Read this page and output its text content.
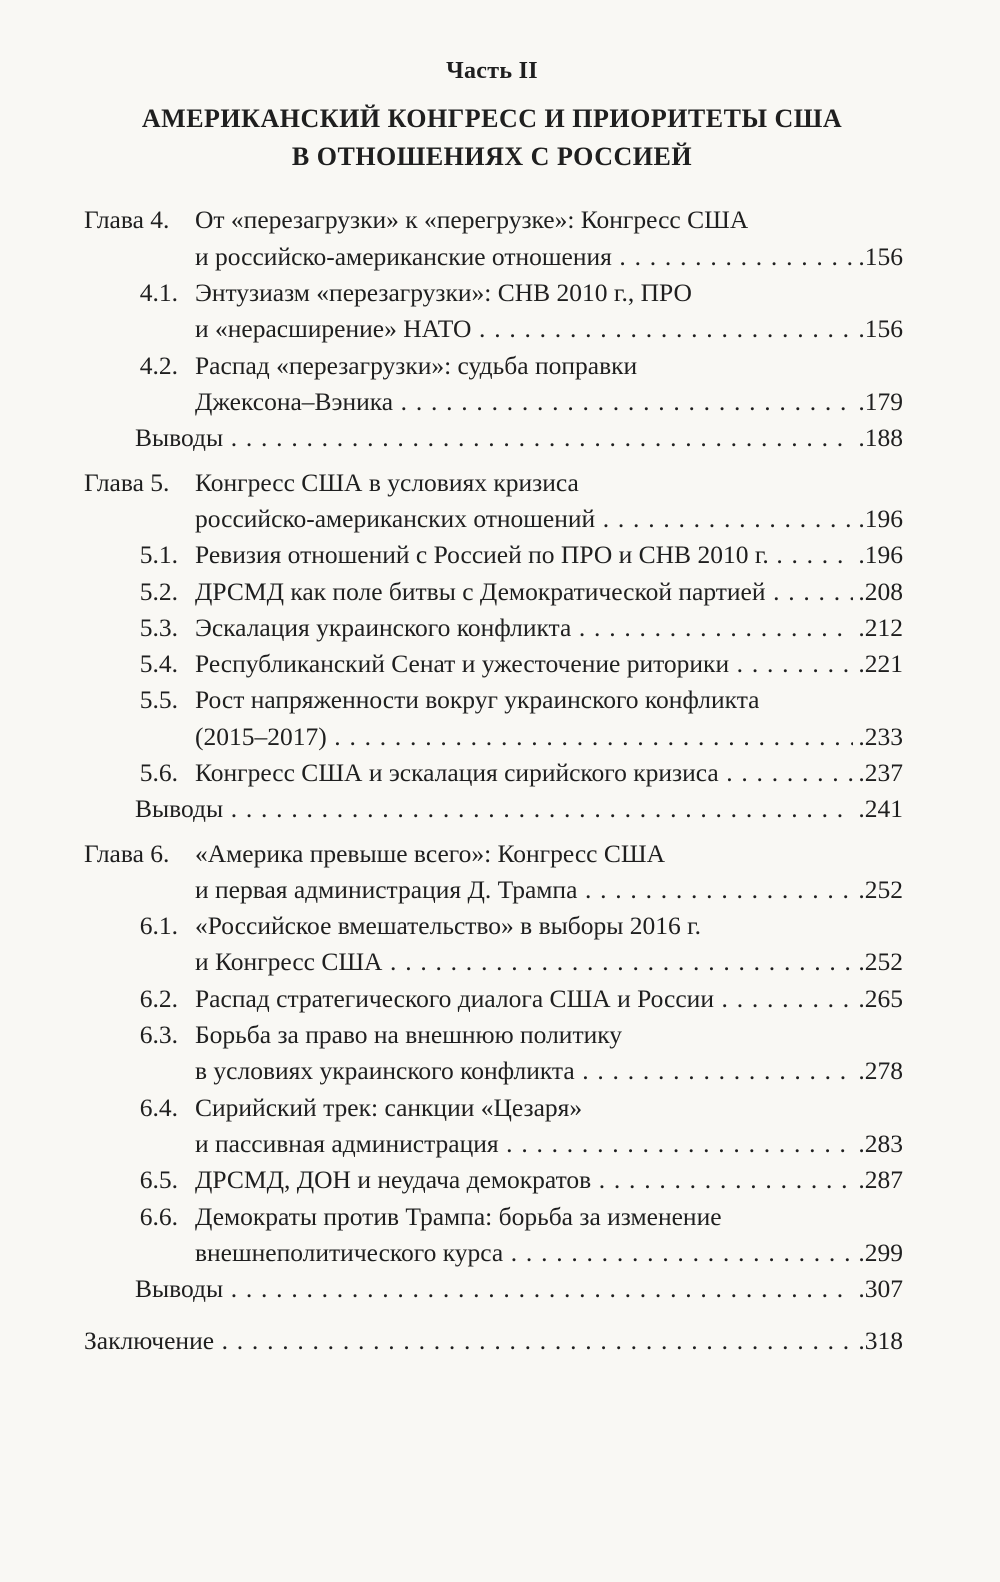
Часть II
АМЕРИКАНСКИЙ КОНГРЕСС И ПРИОРИТЕТЫ США
В ОТНОШЕНИЯХ С РОССИЕЙ
Глава 4. От «перезагрузки» к «перегрузке»: Конгресс США
и российско-американские отношения . . .	.156
4.1. Энтузиазм «перезагрузки»: СНВ 2010 г., ПРО
и «нерасширение» НАТО . . .	.156
4.2. Распад «перезагрузки»: судьба поправки
Джексона–Вэника . . .	.179
Выводы . . .	.188
Глава 5. Конгресс США в условиях кризиса
российско-американских отношений . . .	.196
5.1. Ревизия отношений с Россией по ПРО и СНВ 2010 г. . . .	.196
5.2. ДРСМД как поле битвы с Демократической партией . . .	.208
5.3. Эскалация украинского конфликта . . .	.212
5.4. Республиканский Сенат и ужесточение риторики . . .	.221
5.5. Рост напряженности вокруг украинского конфликта
(2015–2017) . . .	.233
5.6. Конгресс США и эскалация сирийского кризиса . . .	.237
Выводы . . .	.241
Глава 6. «Америка превыше всего»: Конгресс США
и первая администрация Д. Трампа . . .	.252
6.1. «Российское вмешательство» в выборы 2016 г.
и Конгресс США . . .	.252
6.2. Распад стратегического диалога США и России . . .	.265
6.3. Борьба за право на внешнюю политику
в условиях украинского конфликта . . .	.278
6.4. Сирийский трек: санкции «Цезаря»
и пассивная администрация . . .	.283
6.5. ДРСМД, ДОН и неудача демократов . . .	.287
6.6. Демократы против Трампа: борьба за изменение
внешнеполитического курса . . .	.299
Выводы . . .	.307
Заключение . . .	.318
